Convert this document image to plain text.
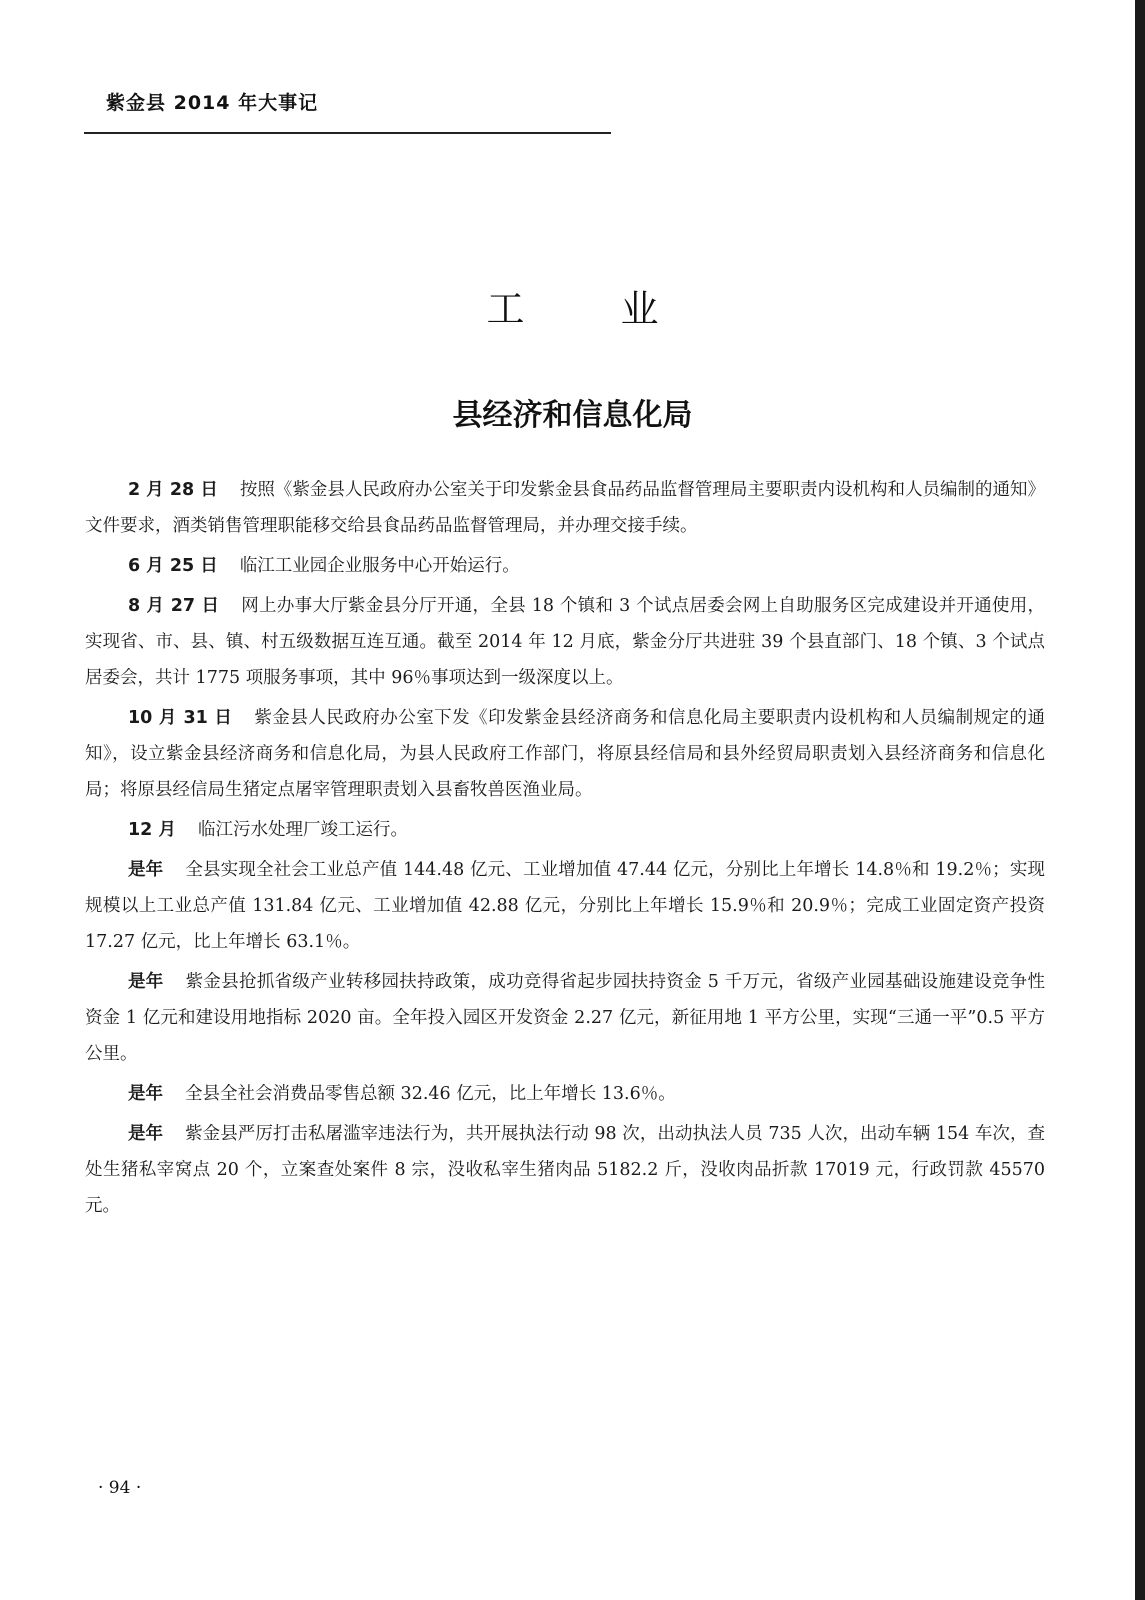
紫金县 2014 年大事记
工业
县经济和信息化局

2 月 28 日 按照《紫金县人民政府办公室关于印发紫金县食品药品监督管理局主要职责内设机构和人员编制的通知》文件要求，酒类销售管理职能移交给县食品药品监督管理局，并办理交接手续。

6 月 25 日 临江工业园企业服务中心开始运行。

8 月 27 日 网上办事大厅紫金县分厅开通，全县 18 个镇和 3 个试点居委会网上自助服务区完成建设并开通使用，实现省、市、县、镇、村五级数据互连互通。截至 2014 年 12 月底，紫金分厅共进驻 39 个县直部门、18 个镇、3 个试点居委会，共计 1775 项服务事项，其中 96％事项达到一级深度以上。

10 月 31 日 紫金县人民政府办公室下发《印发紫金县经济商务和信息化局主要职责内设机构和人员编制规定的通知》，设立紫金县经济商务和信息化局，为县人民政府工作部门，将原县经信局和县外经贸局职责划入县经济商务和信息化局；将原县经信局生猪定点屠宰管理职责划入县畜牧兽医渔业局。

12 月 临江污水处理厂竣工运行。

是年 全县实现全社会工业总产值 144.48 亿元、工业增加值 47.44 亿元，分别比上年增长 14.8％和 19.2％；实现规模以上工业总产值 131.84 亿元、工业增加值 42.88 亿元，分别比上年增长 15.9％和 20.9％；完成工业固定资产投资 17.27 亿元，比上年增长 63.1％。

是年 紫金县抢抓省级产业转移园扶持政策，成功竞得省起步园扶持资金 5 千万元，省级产业园基础设施建设竞争性资金 1 亿元和建设用地指标 2020 亩。全年投入园区开发资金 2.27 亿元，新征用地 1 平方公里，实现“三通一平”0.5 平方公里。

是年 全县全社会消费品零售总额 32.46 亿元，比上年增长 13.6％。

是年 紫金县严厉打击私屠滥宰违法行为，共开展执法行动 98 次，出动执法人员 735 人次，出动车辆 154 车次，查处生猪私宰窝点 20 个，立案查处案件 8 宗，没收私宰生猪肉品 5182.2 斤，没收肉品折款 17019 元，行政罚款 45570 元。

· 94 ·
